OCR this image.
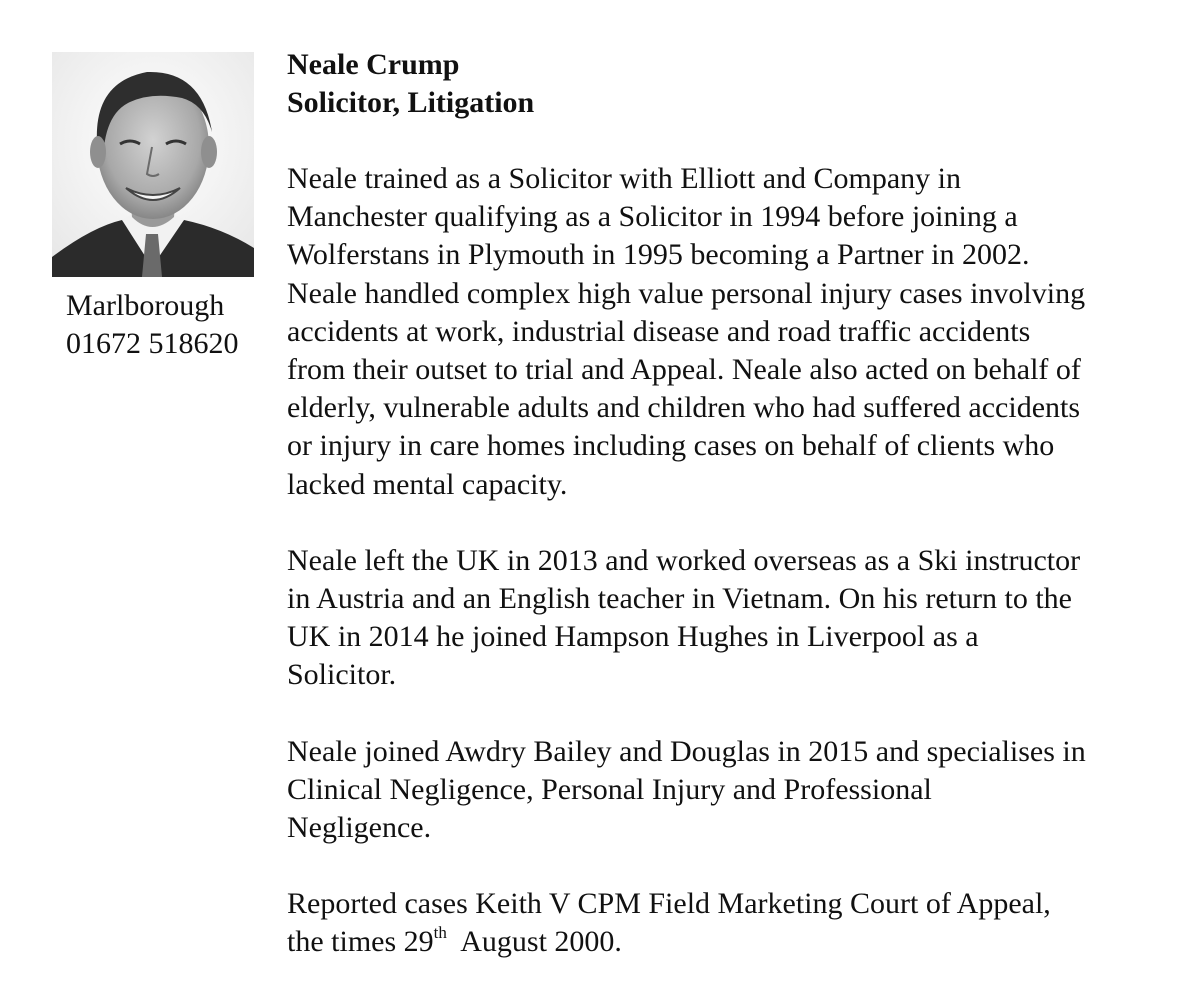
Marlborough
01672 518620
Neale Crump
Solicitor, Litigation
Neale trained as a Solicitor with Elliott and Company in
Manchester qualifying as a Solicitor in 1994 before joining a
Wolferstans in Plymouth in 1995 becoming a Partner in 2002.
Neale handled complex high value personal injury cases involving
accidents at work, industrial disease and road traffic accidents
from their outset to trial and Appeal. Neale also acted on behalf of
elderly, vulnerable adults and children who had suffered accidents
or injury in care homes including cases on behalf of clients who
lacked mental capacity.
Neale left the UK in 2013 and worked overseas as a Ski instructor
in Austria and an English teacher in Vietnam. On his return to the
UK in 2014 he joined Hampson Hughes in Liverpool as a
Solicitor.
Neale joined Awdry Bailey and Douglas in 2015 and specialises in
Clinical Negligence, Personal Injury and Professional
Negligence.
Reported cases Keith V CPM Field Marketing Court of Appeal,
the times 29th  August 2000.
